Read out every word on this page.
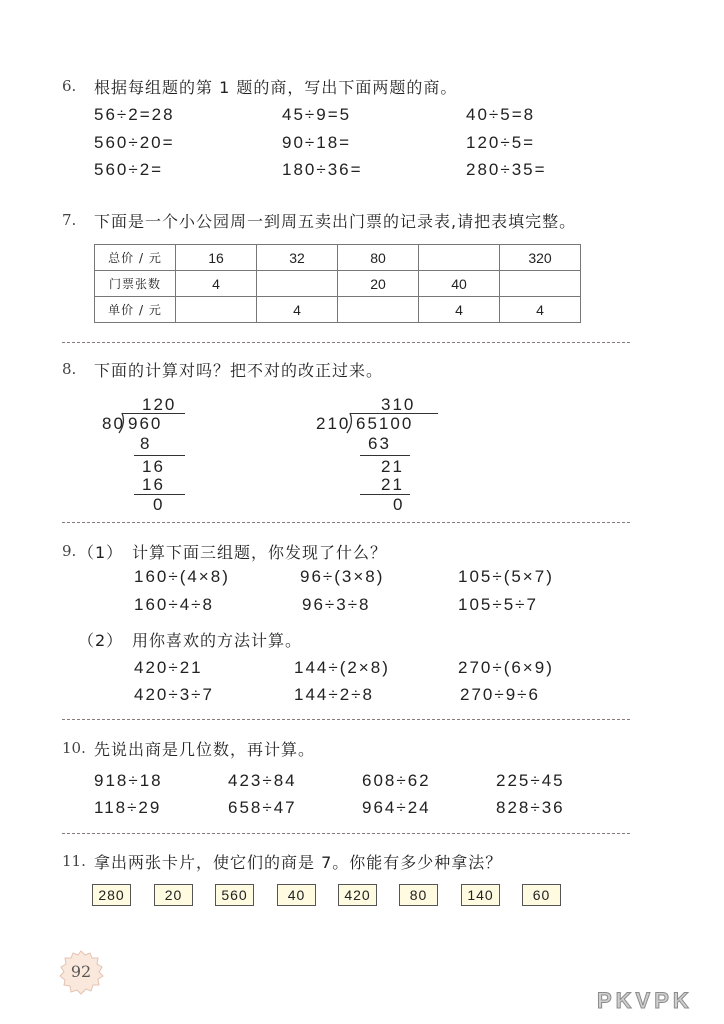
6. 根据每组题的第 1 题的商，写出下面两题的商。
56÷2=28	45÷9=5	40÷5=8
560÷20=	90÷18=	120÷5=
560÷2=	180÷36=	280÷35=
7. 下面是一个小公园周一到周五卖出门票的记录表,请把表填完整。
总价 / 元	16	32	80		320
门票张数	4		20	40	
单价 / 元		4		4	4
8. 下面的计算对吗？把不对的改正过来。
120
80 960
8
16
16
0
310
210 65100
63
21
21
0
9. （1） 计算下面三组题，你发现了什么？
160÷(4×8)	96÷(3×8)	105÷(5×7)
160÷4÷8	96÷3÷8	105÷5÷7
（2） 用你喜欢的方法计算。
420÷21	144÷(2×8)	270÷(6×9)
420÷3÷7	144÷2÷8	270÷9÷6
10. 先说出商是几位数，再计算。
918÷18	423÷84	608÷62	225÷45
118÷29	658÷47	964÷24	828÷36
11. 拿出两张卡片，使它们的商是 7。你能有多少种拿法？
280	20	560	40	420	80	140	60
92
PKVPK
